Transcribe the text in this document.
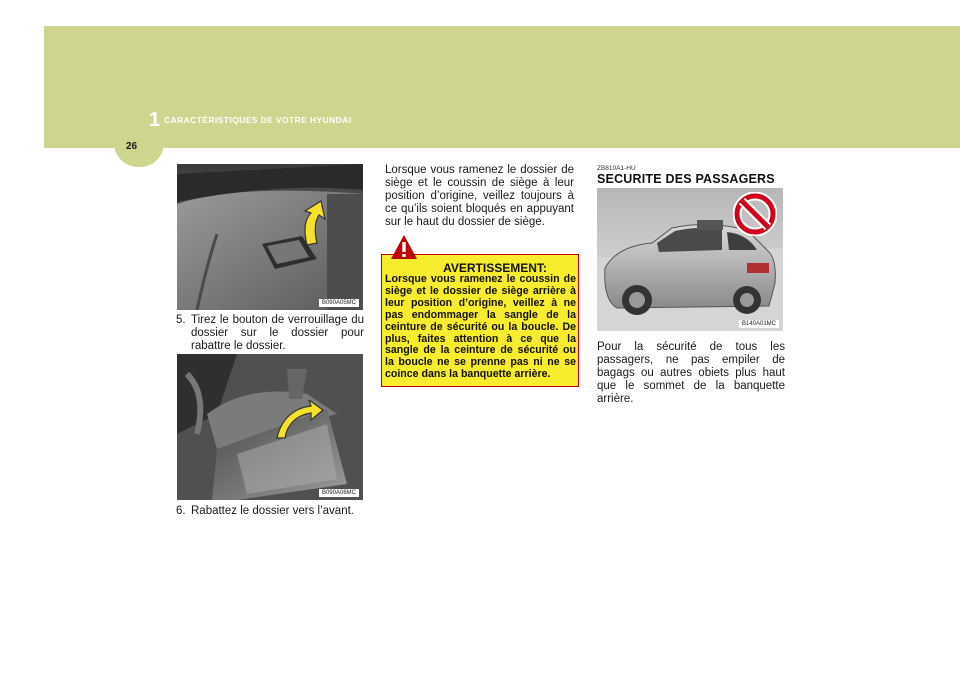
1 CARACTÉRISTIQUES DE VOTRE HYUNDAI
26
B090A05MC
5. Tirez le bouton de verrouillage du dossier sur le dossier pour rabattre le dossier.
B090A06MC
6. Rabattez le dossier vers l’avant.
Lorsque vous ramenez le dossier de siège et le coussin de siège à leur position d’origine, veillez toujours à ce qu’ils soient bloqués en appuyant sur le haut du dossier de siège.
AVERTISSEMENT:
Lorsque vous ramenez le coussin de siège et le dossier de siège arrière à leur position d’origine, veillez à ne pas endommager la sangle de la ceinture de sécurité ou la boucle. De plus, faites attention à ce que la sangle de la ceinture de sécurité ou la boucle ne se prenne pas ni ne se coince dans la banquette arrière.
ZB810A1-HU
SECURITE DES PASSAGERS
B140A01MC
Pour la sécurité de tous les passagers, ne pas empiler de bagags ou autres obiets plus haut que le sommet de la banquette arrière.
